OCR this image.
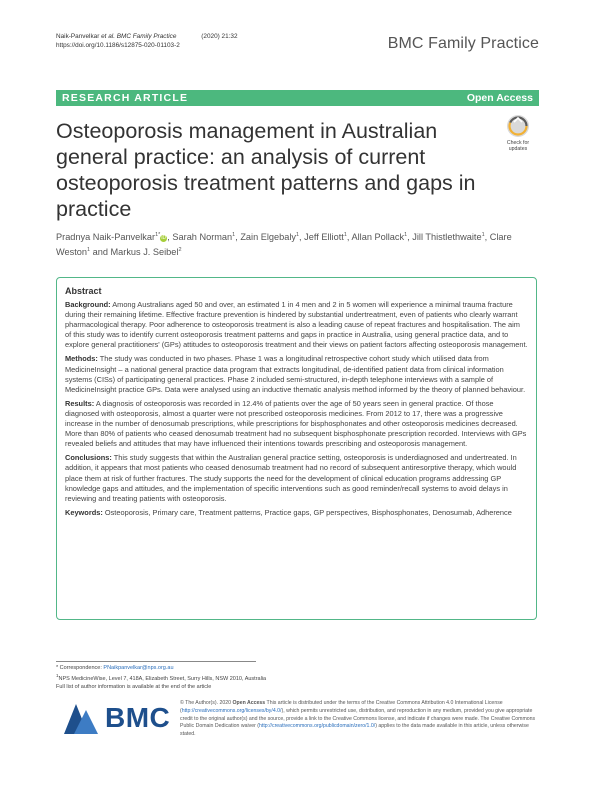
Naik-Panvelkar et al. BMC Family Practice	(2020) 21:32
https://doi.org/10.1186/s12875-020-01103-2	BMC Family Practice
RESEARCH ARTICLE	Open Access
Osteoporosis management in Australian general practice: an analysis of current osteoporosis treatment patterns and gaps in practice
Check for
updates
Pradnya Naik-Panvelkar$^{1*}$iD, Sarah Norman$^1$, Zain Elgebaly$^1$, Jeff Elliott$^1$, Allan Pollack$^1$, Jill Thistlethwaite$^1$, Clare Weston$^1$ and Markus J. Seibel$^2$
Abstract

Background: Among Australians aged 50 and over, an estimated 1 in 4 men and 2 in 5 women will experience a minimal trauma fracture during their remaining lifetime. Effective fracture prevention is hindered by substantial undertreatment, even of patients who clearly warrant pharmacological therapy. Poor adherence to osteoporosis treatment is also a leading cause of repeat fractures and hospitalisation. The aim of this study was to identify current osteoporosis treatment patterns and gaps in practice in Australia, using general practice data, and to explore general practitioners' (GPs) attitudes to osteoporosis treatment and their views on patient factors affecting osteoporosis management.

Methods: The study was conducted in two phases. Phase 1 was a longitudinal retrospective cohort study which utilised data from MedicineInsight – a national general practice data program that extracts longitudinal, de-identified patient data from clinical information systems (CISs) of participating general practices. Phase 2 included semi-structured, in-depth telephone interviews with a sample of MedicineInsight practice GPs. Data were analysed using an inductive thematic analysis method informed by the theory of planned behaviour.

Results: A diagnosis of osteoporosis was recorded in 12.4% of patients over the age of 50 years seen in general practice. Of those diagnosed with osteoporosis, almost a quarter were not prescribed osteoporosis medicines. From 2012 to 17, there was a progressive increase in the number of denosumab prescriptions, while prescriptions for bisphosphonates and other osteoporosis medicines decreased. More than 80% of patients who ceased denosumab treatment had no subsequent bisphosphonate prescription recorded. Interviews with GPs revealed beliefs and attitudes that may have influenced their intentions towards prescribing and osteoporosis management.

Conclusions: This study suggests that within the Australian general practice setting, osteoporosis is underdiagnosed and undertreated. In addition, it appears that most patients who ceased denosumab treatment had no record of subsequent antiresorptive therapy, which would place them at risk of further fractures. The study supports the need for the development of clinical education programs addressing GP knowledge gaps and attitudes, and the implementation of specific interventions such as good reminder/recall systems to avoid delays in reviewing and treating patients with osteoporosis.

Keywords: Osteoporosis, Primary care, Treatment patterns, Practice gaps, GP perspectives, Bisphosphonates, Denosumab, Adherence

* Correspondence: PNaikpanvelkar@nps.org.au
$^1$NPS MedicineWise, Level 7, 418A, Elizabeth Street, Surry Hills, NSW 2010, Australia
Full list of author information is available at the end of the article
BMC © The Author(s). 2020 Open Access This article is distributed under the terms of the Creative Commons Attribution 4.0 International License (http://creativecommons.org/licenses/by/4.0/), which permits unrestricted use, distribution, and reproduction in any medium, provided you give appropriate credit to the original author(s) and the source, provide a link to the Creative Commons license, and indicate if changes were made. The Creative Commons Public Domain Dedication waiver (http://creativecommons.org/publicdomain/zero/1.0/) applies to the data made available in this article, unless otherwise stated.
